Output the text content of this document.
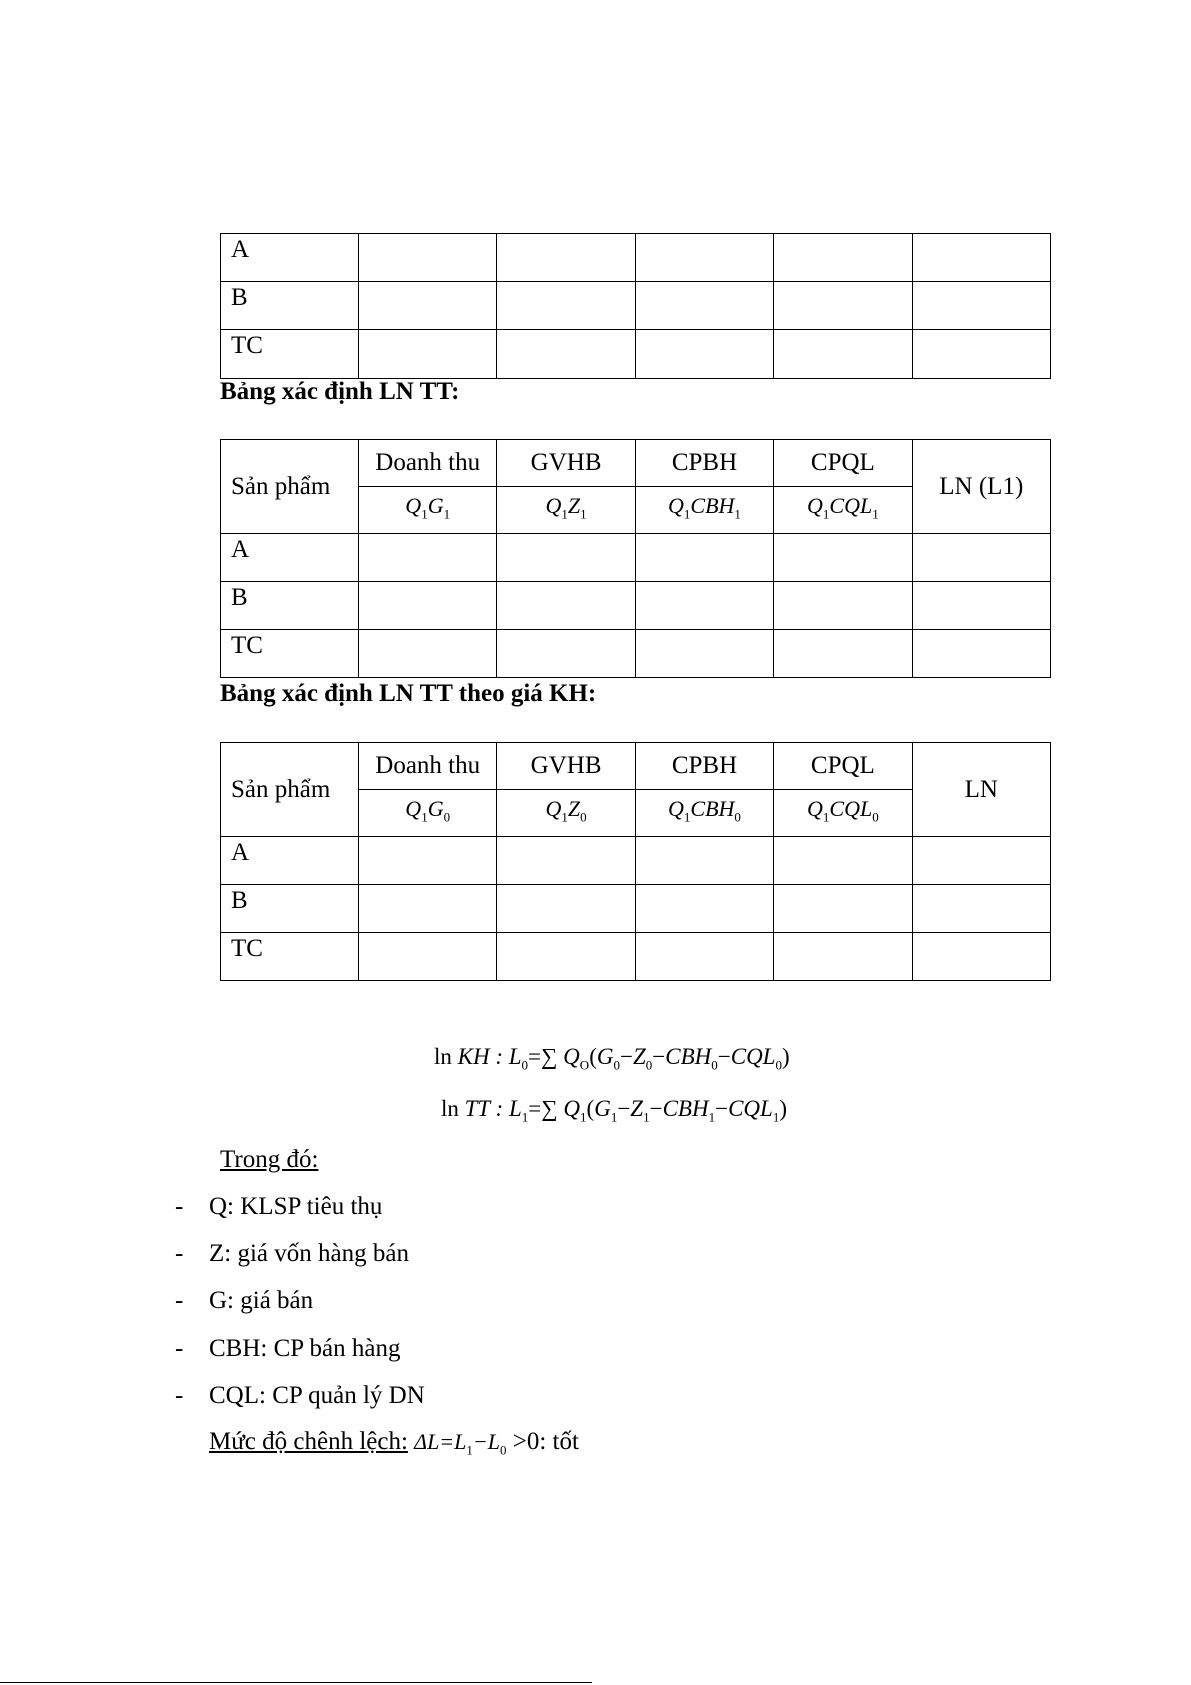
A					
B					
TC					
Bảng xác định LN TT:
Sản phẩm	Doanh thu	GVHB	CPBH	CPQL	LN (L1)
	$Q_1G_1$	$Q_1Z_1$	$Q_1CBH_1$	$Q_1CQL_1$
A					
B					
TC					
Bảng xác định LN TT theo giá KH:
Sản phẩm	Doanh thu	GVHB	CPBH	CPQL	LN
	$Q_1G_0$	$Q_1Z_0$	$Q_1CBH_0$	$Q_1CQL_0$
A					
B					
TC					
ln KH : $L_0=\sum$ $Q_O(G_0-Z_0-CBH_0-CQL_0)$
ln TT : $L_1=\sum$ $Q_1(G_1-Z_1-CBH_1-CQL_1)$
Trong đó:
- Q: KLSP tiêu thụ
- Z: giá vốn hàng bán
- G: giá bán
- CBH: CP bán hàng
- CQL: CP quản lý DN
Mức độ chênh lệch: $\Delta L=L_1-L_0 >0$: tốt
